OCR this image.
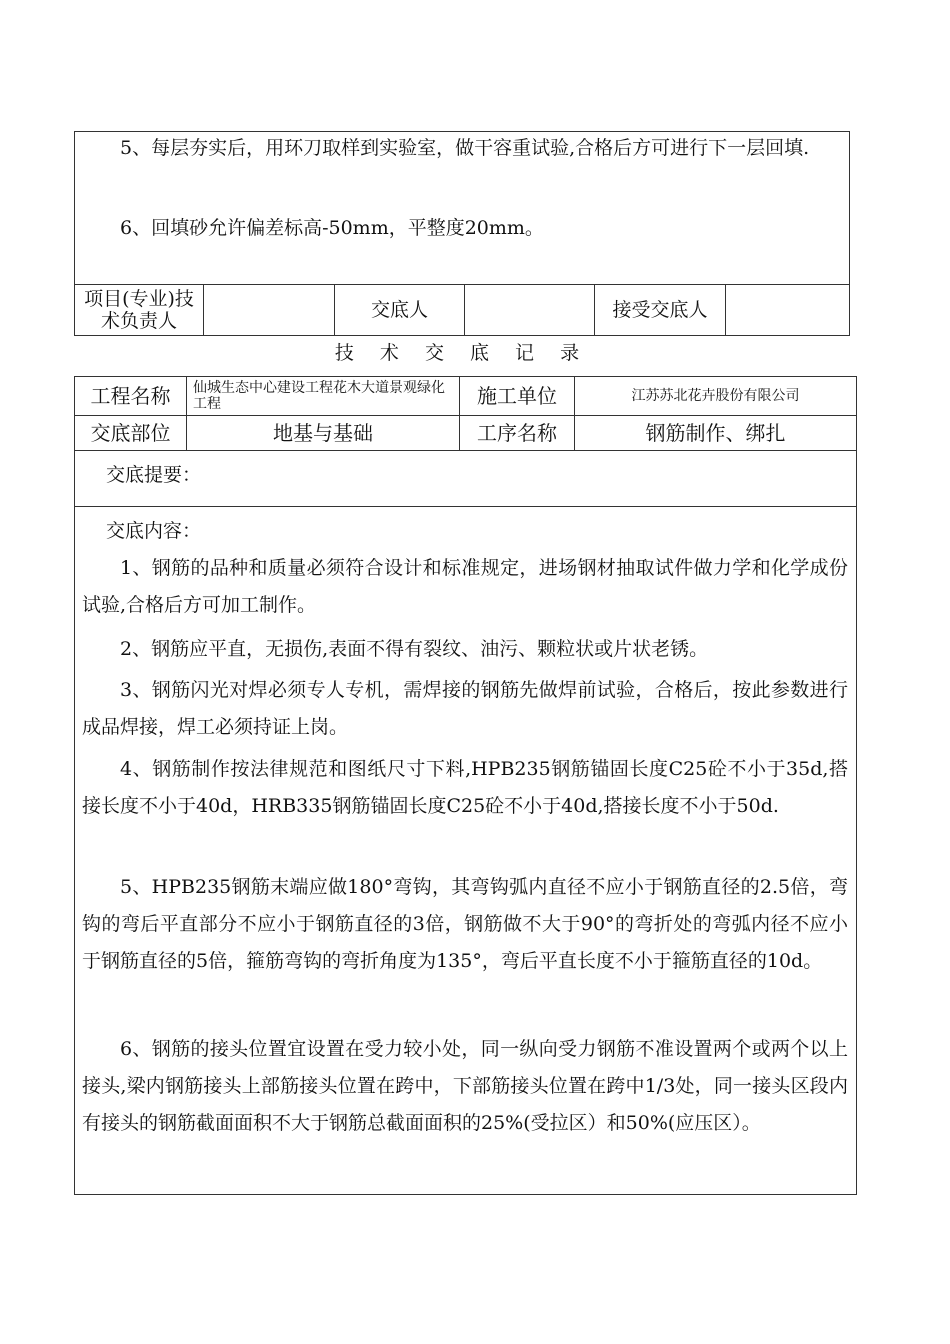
5、每层夯实后，用环刀取样到实验室，做干容重试验,合格后方可进行下一层回填.

6、回填砂允许偏差标高-50mm，平整度20mm。

项目(专业)技术负责人	交底人	接受交底人
技 术 交 底 记 录
工程名称	仙城生态中心建设工程花木大道景观绿化工程	施工单位	江苏苏北花卉股份有限公司
交底部位	地基与基础	工序名称	钢筋制作、绑扎
交底提要：
交底内容：

1、钢筋的品种和质量必须符合设计和标准规定，进场钢材抽取试件做力学和化学成份试验,合格后方可加工制作。

2、钢筋应平直，无损伤,表面不得有裂纹、油污、颗粒状或片状老锈。

3、钢筋闪光对焊必须专人专机，需焊接的钢筋先做焊前试验，合格后，按此参数进行成品焊接，焊工必须持证上岗。

4、钢筋制作按法律规范和图纸尺寸下料,HPB235钢筋锚固长度C25砼不小于35d,搭接长度不小于40d，HRB335钢筋锚固长度C25砼不小于40d,搭接长度不小于50d.

5、HPB235钢筋末端应做180°弯钩，其弯钩弧内直径不应小于钢筋直径的2.5倍，弯钩的弯后平直部分不应小于钢筋直径的3倍，钢筋做不大于90°的弯折处的弯弧内径不应小于钢筋直径的5倍，箍筋弯钩的弯折角度为135°，弯后平直长度不小于箍筋直径的10d。

6、钢筋的接头位置宜设置在受力较小处，同一纵向受力钢筋不准设置两个或两个以上接头,梁内钢筋接头上部筋接头位置在跨中，下部筋接头位置在跨中1/3处，同一接头区段内有接头的钢筋截面面积不大于钢筋总截面面积的25%(受拉区）和50%(应压区）。
